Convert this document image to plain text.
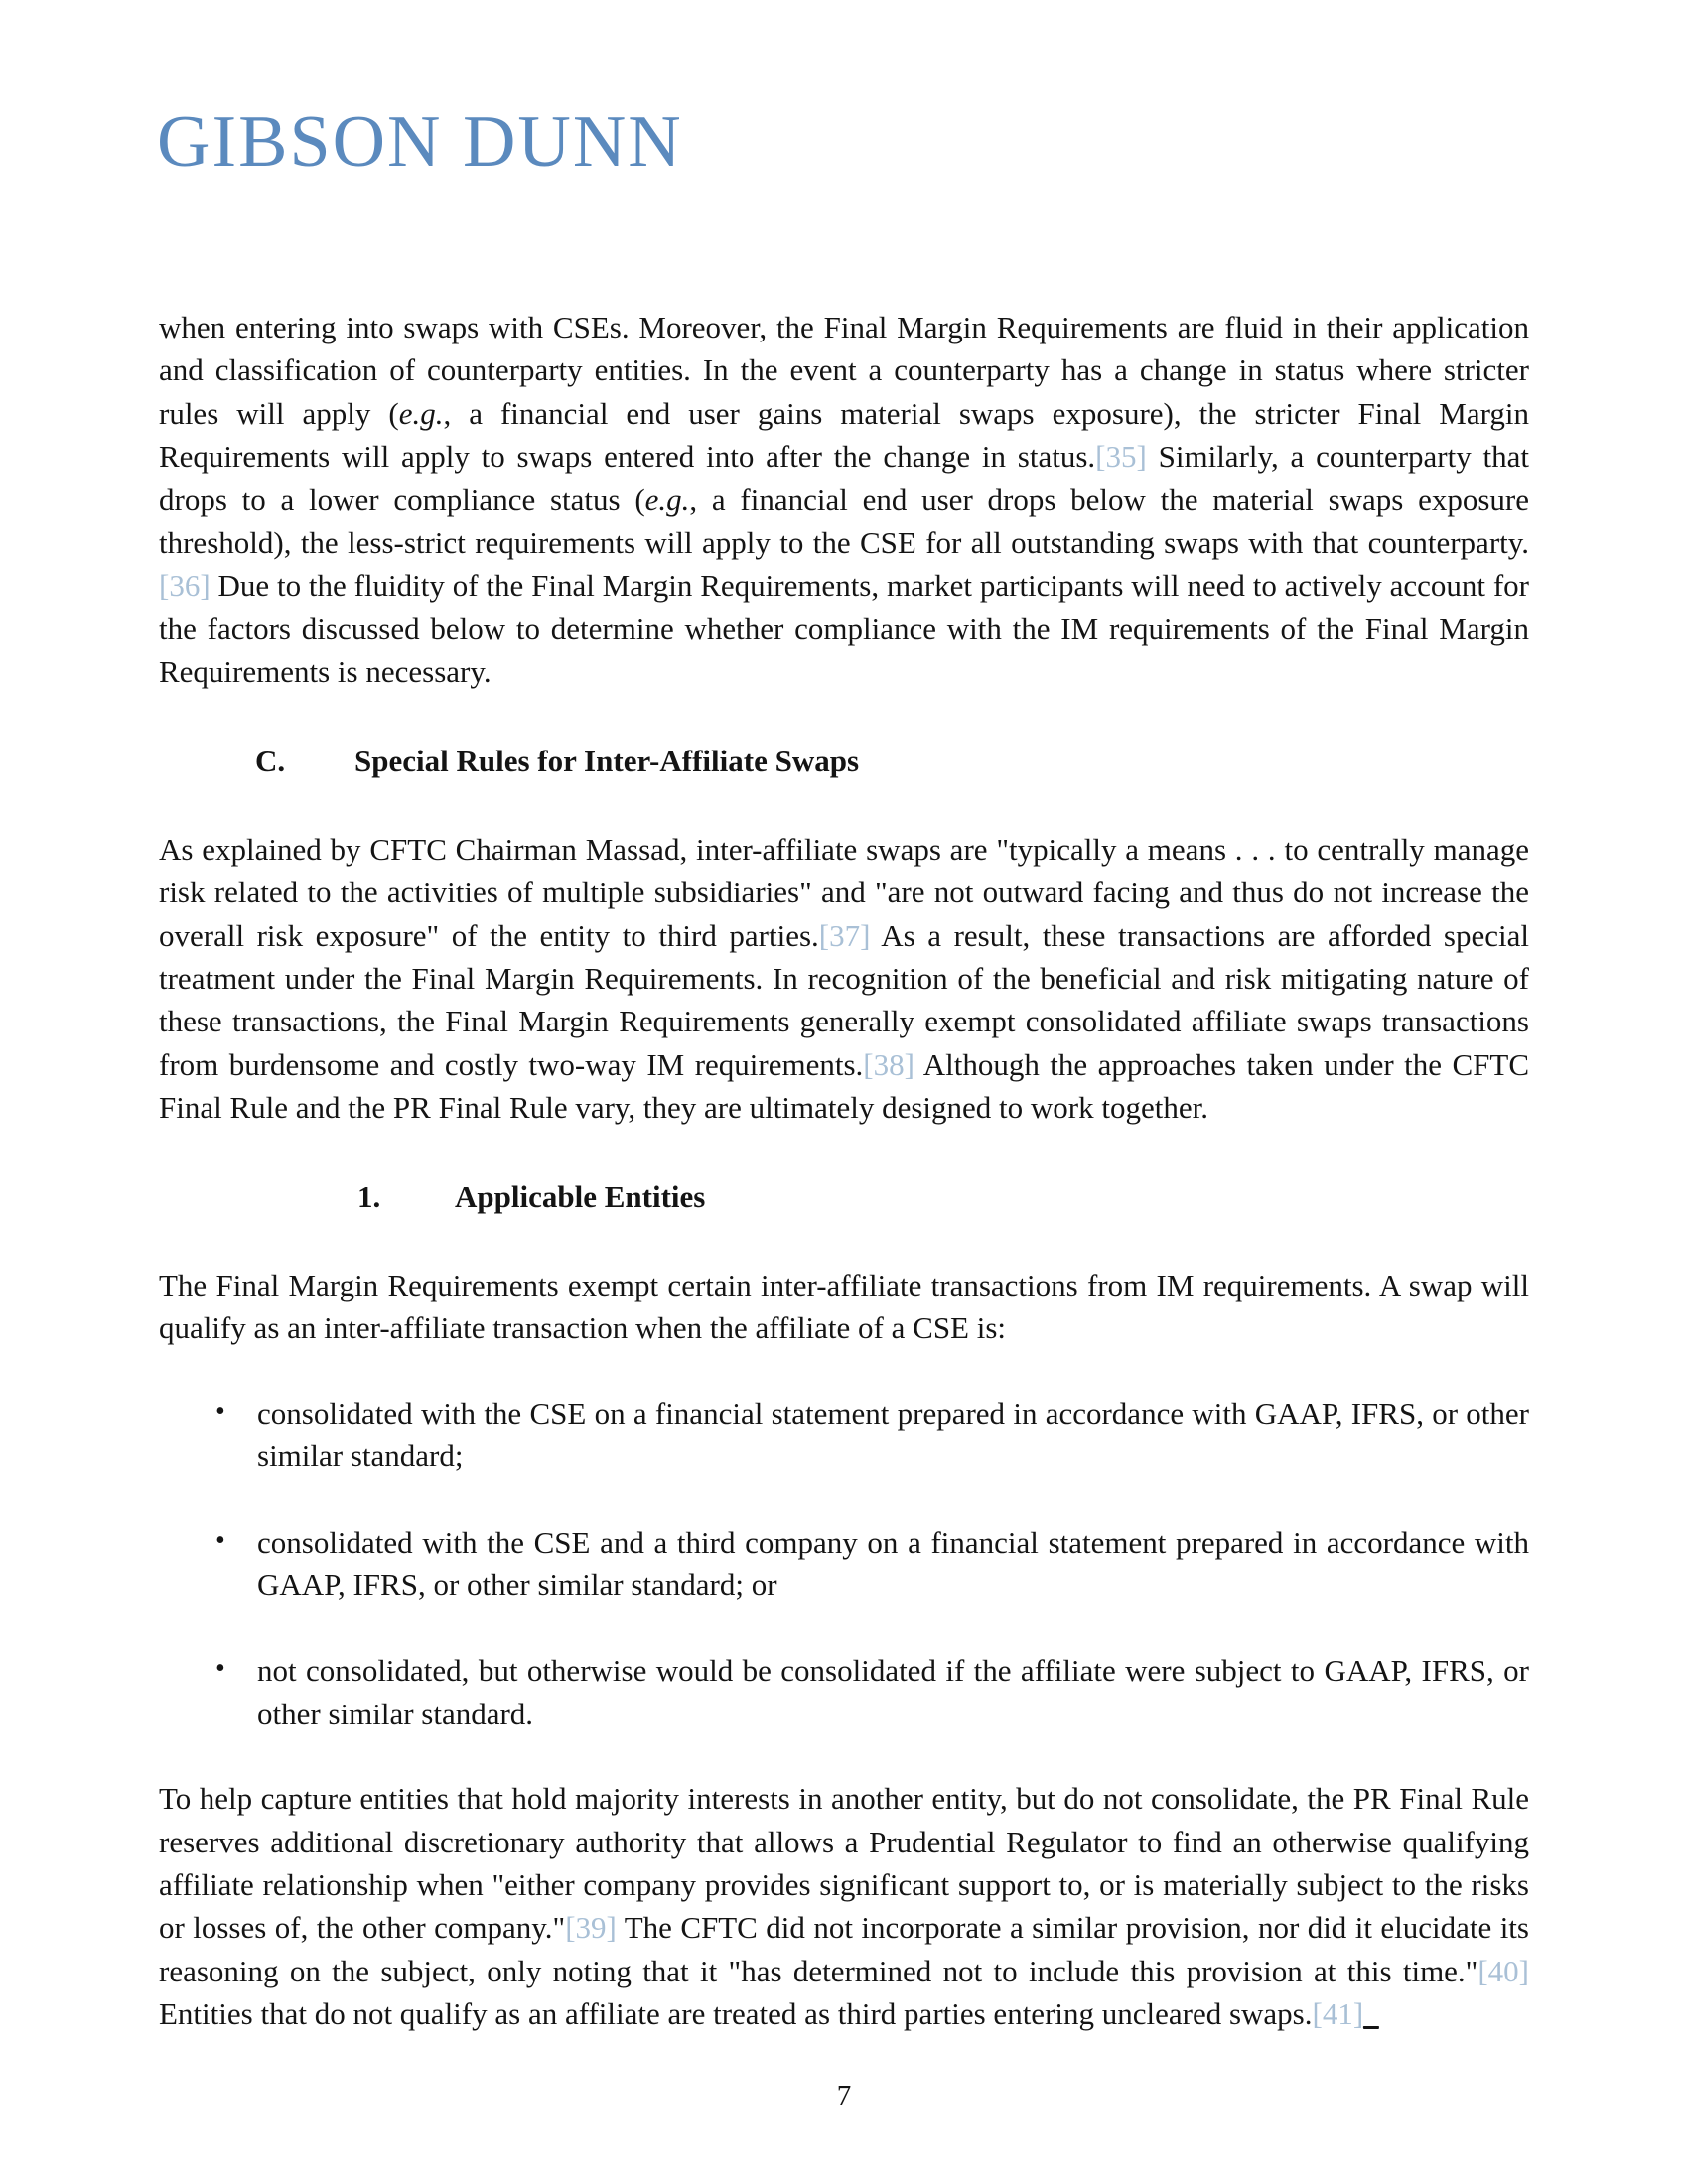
GIBSON DUNN

when entering into swaps with CSEs. Moreover, the Final Margin Requirements are fluid in their application and classification of counterparty entities. In the event a counterparty has a change in status where stricter rules will apply (e.g., a financial end user gains material swaps exposure), the stricter Final Margin Requirements will apply to swaps entered into after the change in status.[35] Similarly, a counterparty that drops to a lower compliance status (e.g., a financial end user drops below the material swaps exposure threshold), the less-strict requirements will apply to the CSE for all outstanding swaps with that counterparty.[36] Due to the fluidity of the Final Margin Requirements, market participants will need to actively account for the factors discussed below to determine whether compliance with the IM requirements of the Final Margin Requirements is necessary.

C.	Special Rules for Inter-Affiliate Swaps

As explained by CFTC Chairman Massad, inter-affiliate swaps are "typically a means . . . to centrally manage risk related to the activities of multiple subsidiaries" and "are not outward facing and thus do not increase the overall risk exposure" of the entity to third parties.[37] As a result, these transactions are afforded special treatment under the Final Margin Requirements. In recognition of the beneficial and risk mitigating nature of these transactions, the Final Margin Requirements generally exempt consolidated affiliate swaps transactions from burdensome and costly two-way IM requirements.[38] Although the approaches taken under the CFTC Final Rule and the PR Final Rule vary, they are ultimately designed to work together.

1.	Applicable Entities

The Final Margin Requirements exempt certain inter-affiliate transactions from IM requirements. A swap will qualify as an inter-affiliate transaction when the affiliate of a CSE is:

•	consolidated with the CSE on a financial statement prepared in accordance with GAAP, IFRS, or other similar standard;
•	consolidated with the CSE and a third company on a financial statement prepared in accordance with GAAP, IFRS, or other similar standard; or
•	not consolidated, but otherwise would be consolidated if the affiliate were subject to GAAP, IFRS, or other similar standard.

To help capture entities that hold majority interests in another entity, but do not consolidate, the PR Final Rule reserves additional discretionary authority that allows a Prudential Regulator to find an otherwise qualifying affiliate relationship when "either company provides significant support to, or is materially subject to the risks or losses of, the other company."[39] The CFTC did not incorporate a similar provision, nor did it elucidate its reasoning on the subject, only noting that it "has determined not to include this provision at this time."[40] Entities that do not qualify as an affiliate are treated as third parties entering uncleared swaps.[41]_

7
